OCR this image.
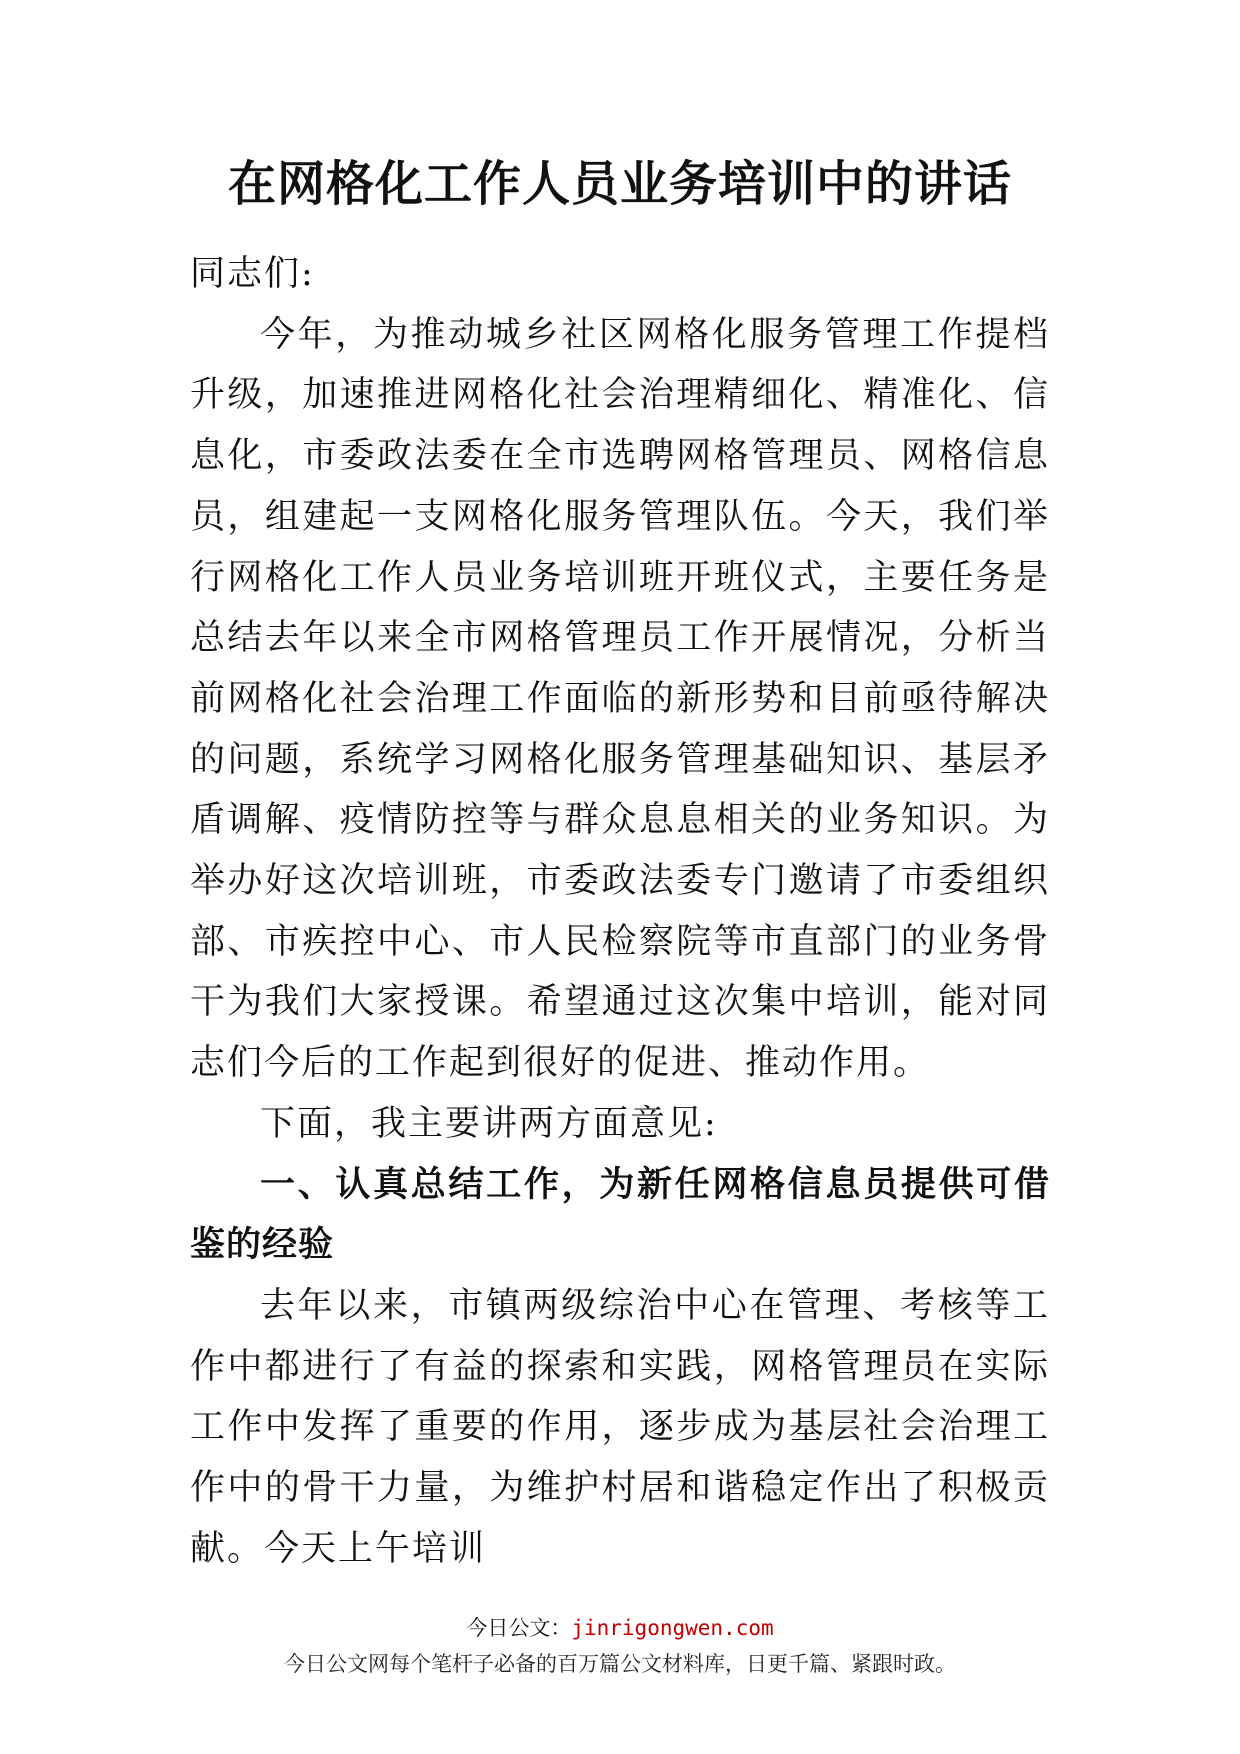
在网格化工作人员业务培训中的讲话

同志们:

今年，为推动城乡社区网格化服务管理工作提档升级，加速推进网格化社会治理精细化、精准化、信息化，市委政法委在全市选聘网格管理员、网格信息员，组建起一支网格化服务管理队伍。今天，我们举行网格化工作人员业务培训班开班仪式，主要任务是总结去年以来全市网格管理员工作开展情况，分析当前网格化社会治理工作面临的新形势和目前亟待解决的问题，系统学习网格化服务管理基础知识、基层矛盾调解、疫情防控等与群众息息相关的业务知识。为举办好这次培训班，市委政法委专门邀请了市委组织部、市疾控中心、市人民检察院等市直部门的业务骨干为我们大家授课。希望通过这次集中培训，能对同志们今后的工作起到很好的促进、推动作用。

下面，我主要讲两方面意见:

一、认真总结工作，为新任网格信息员提供可借鉴的经验

去年以来，市镇两级综治中心在管理、考核等工作中都进行了有益的探索和实践，网格管理员在实际工作中发挥了重要的作用，逐步成为基层社会治理工作中的骨干力量，为维护村居和谐稳定作出了积极贡献。今天上午培训

今日公文：jinrigongwen.com
今日公文网每个笔杆子必备的百万篇公文材料库，日更千篇、紧跟时政。
